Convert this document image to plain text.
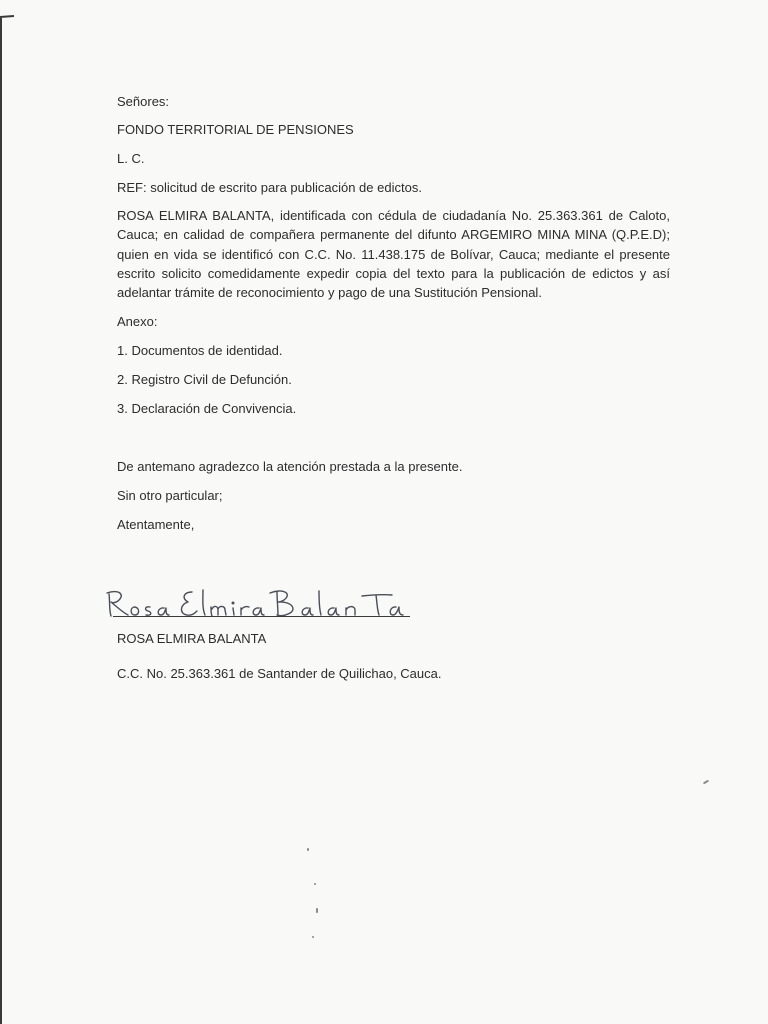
Señores:
FONDO TERRITORIAL DE PENSIONES
L. C.
REF: solicitud de escrito para publicación de edictos.
ROSA ELMIRA BALANTA, identificada con cédula de ciudadanía No. 25.363.361 de Caloto, Cauca; en calidad de compañera permanente del difunto ARGEMIRO MINA MINA (Q.P.E.D); quien en vida se identificó con C.C. No. 11.438.175 de Bolívar, Cauca; mediante el presente escrito solicito comedidamente expedir copia del texto para la publicación de edictos y así adelantar trámite de reconocimiento y pago de una Sustitución Pensional.
Anexo:
1. Documentos de identidad.
2. Registro Civil de Defunción.
3. Declaración de Convivencia.
De antemano agradezco la atención prestada a la presente.
Sin otro particular;
Atentamente,
ROSA ELMIRA BALANTA
C.C. No. 25.363.361 de Santander de Quilichao, Cauca.
